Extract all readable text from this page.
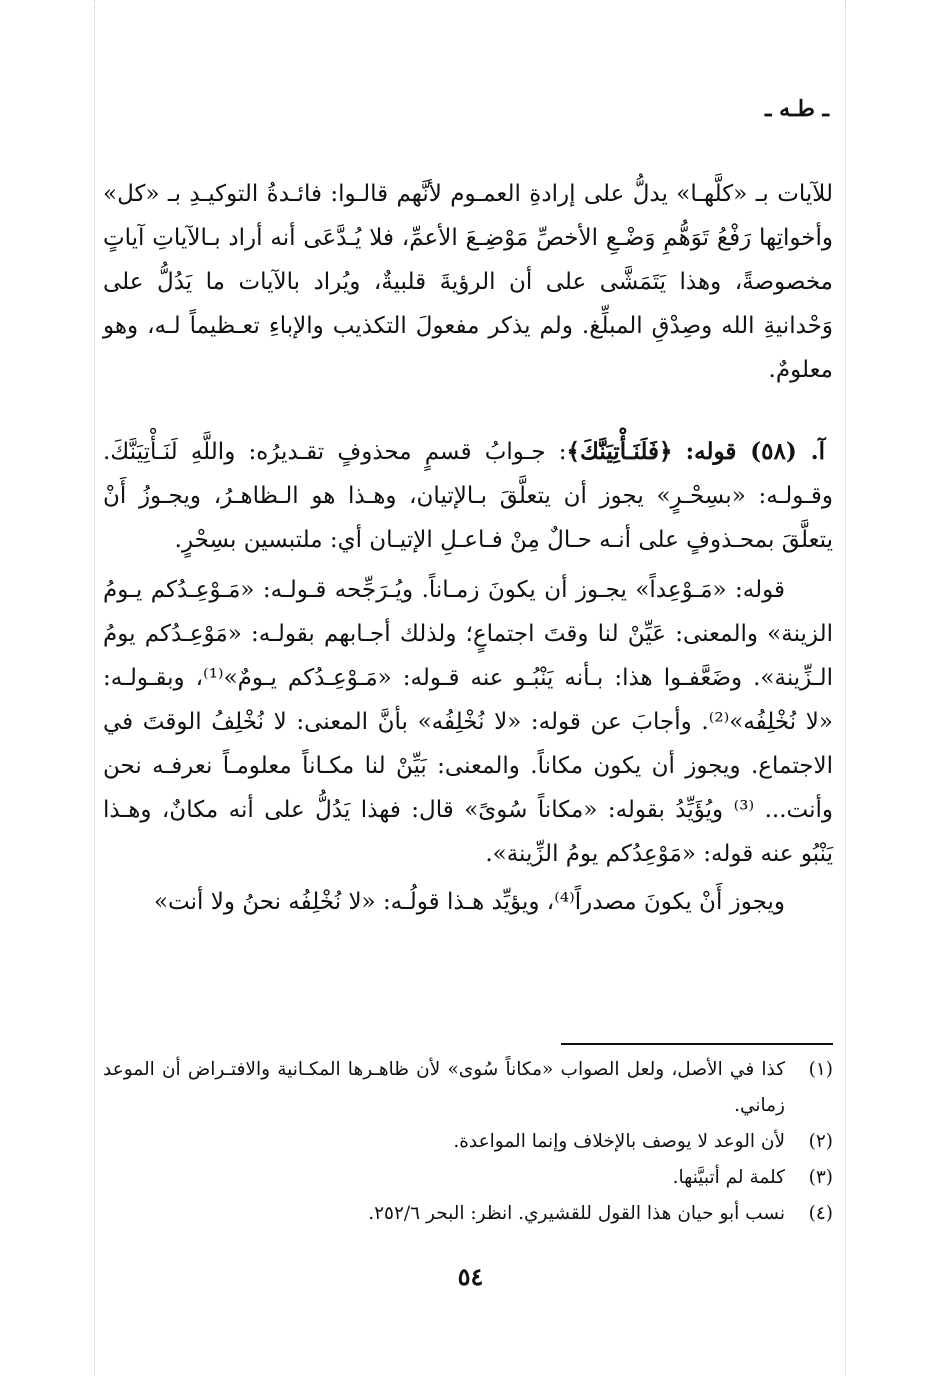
ـ طـه ـ

للآيات بـ «كلَّهـا» يدلُّ على إرادةِ العمـوم لأنَّهم قالـوا: فائـدةُ التوكيـدِ بـ «كل» وأخواتِها رَفْعُ تَوَهُّمِ وَضْـعِ الأخصِّ مَوْضِـعَ الأعمِّ، فلا يُـدَّعَى أنه أراد بـالآياتِ آياتٍ مخصوصةً، وهذا يَتَمَشَّى على أن الرؤيةَ قلبيةٌ، ويُراد بالآيات ما يَدُلُّ على وَحْدانيةِ الله وصِدْقِ المبلِّغ. ولم يذكر مفعولَ التكذيب والإباءِ تعـظيماً لـه، وهو معلومٌ.

آ. (٥٨) قوله: ﴿فَلَنَـأْتِيَنَّكَ﴾: جـوابُ قسمٍ محذوفٍ تقـديرُه: واللَّهِ لَنَـأْتِيَنَّكَ. وقـولـه: «بسِحْـرٍ» يجوز أن يتعلَّقَ بـالإتيان، وهـذا هو الـظاهـرُ، ويجـوزُ أَنْ يتعلَّقَ بمحـذوفٍ على أنـه حـالٌ مِنْ فـاعـلِ الإتيـان أي: ملتبسين بسِحْرٍ.

قوله: «مَـوْعِداً» يجـوز أن يكونَ زمـاناً. ويُـرَجِّحه قـولـه: «مَـوْعِـدُكم يـومُ الزينة» والمعنى: عَيِّنْ لنا وقتَ اجتماعٍ؛ ولذلك أجـابهم بقولـه: «مَوْعِـدُكم يومُ الـزِّينة». وضَعَّفـوا هذا: بـأنه يَنْبُـو عنه قـوله: «مَـوْعِـدُكم يـومٌ»⁽¹⁾، وبقـولـه: «لا نُخْلِفُه»⁽²⁾. وأجابَ عن قوله: «لا نُخْلِفُه» بأنَّ المعنى: لا نُخْلِفُ الوقتَ في الاجتماع. ويجوز أن يكون مكاناً. والمعنى: بَيِّنْ لنا مكـاناً معلومـاً نعرفـه نحن وأنت... ⁽³⁾ ويُؤَيِّدُ بقوله: «مكاناً سُوىً» قال: فهذا يَدُلُّ على أنه مكانٌ، وهـذا يَنْبُو عنه قوله: «مَوْعِدُكم يومُ الزِّينة».

ويجوز أَنْ يكونَ مصدراً⁽⁴⁾، ويؤيِّد هـذا قولُـه: «لا نُخْلِفُه نحنُ ولا أنت»

(١)
كذا في الأصل، ولعل الصواب «مكاناً سُوى» لأن ظاهـرها المكـانية والافتـراض أن الموعد زماني.
(٢)
لأن الوعد لا يوصف بالإخلاف وإنما المواعدة.
(٣)
كلمة لم أتبيَّنها.
(٤)
نسب أبو حيان هذا القول للقشيري. انظر: البحر ٢٥٢/٦.
٥٤
